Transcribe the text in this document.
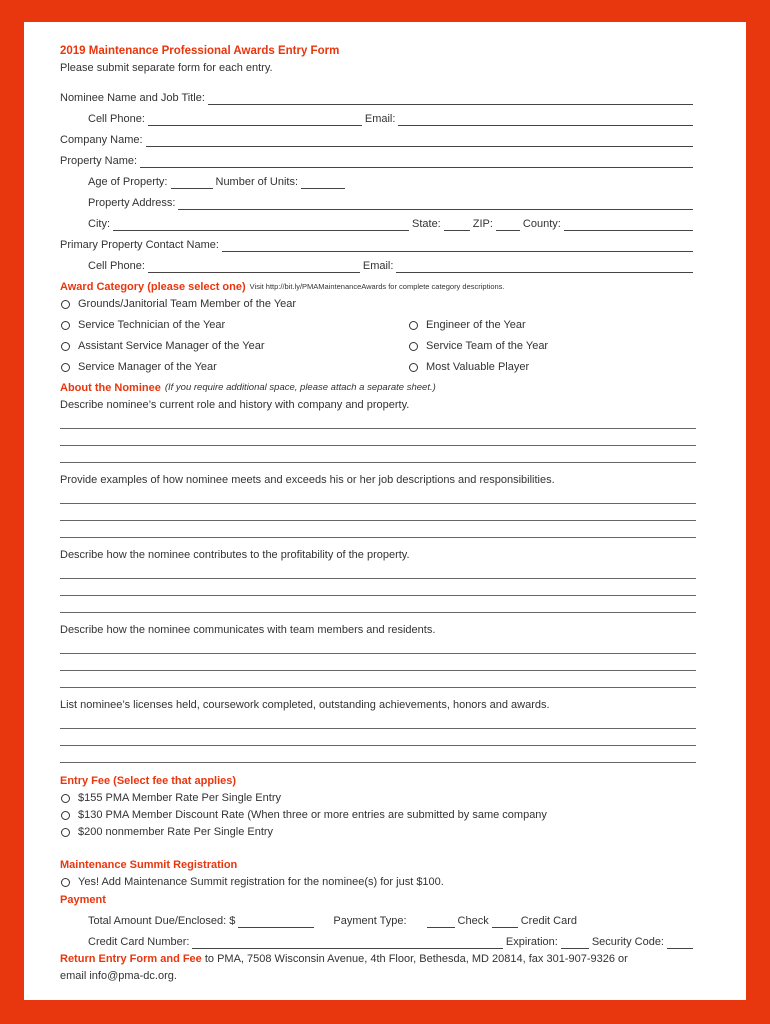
2019 Maintenance Professional Awards Entry Form
Please submit separate form for each entry.
Nominee Name and Job Title:
Cell Phone:	Email:
Company Name:
Property Name:
Age of Property:	Number of Units:
Property Address:
City:	State:	ZIP:	County:
Primary Property Contact Name:
Cell Phone:	Email:
Award Category (please select one) Visit http://bit.ly/PMAMaintenanceAwards for complete category descriptions.
Grounds/Janitorial Team Member of the Year
Service Technician of the Year
Assistant Service Manager of the Year
Service Manager of the Year
Engineer of the Year
Service Team of the Year
Most Valuable Player
About the Nominee (If you require additional space, please attach a separate sheet.)
Describe nominee’s current role and history with company and property.
Provide examples of how nominee meets and exceeds his or her job descriptions and responsibilities.
Describe how the nominee contributes to the profitability of the property.
Describe how the nominee communicates with team members and residents.
List nominee’s licenses held, coursework completed, outstanding achievements, honors and awards.
Entry Fee (Select fee that applies)
$155 PMA Member Rate Per Single Entry
$130 PMA Member Discount Rate (When three or more entries are submitted by same company
$200 nonmember Rate Per Single Entry
Maintenance Summit Registration
Yes! Add Maintenance Summit registration for the nominee(s) for just $100.
Payment
Total Amount Due/Enclosed: $	Payment Type:	Check	Credit Card
Credit Card Number:	Expiration:	Security Code:
Return Entry Form and Fee to PMA, 7508 Wisconsin Avenue, 4th Floor, Bethesda, MD 20814, fax 301-907-9326 or
email info@pma-dc.org.
